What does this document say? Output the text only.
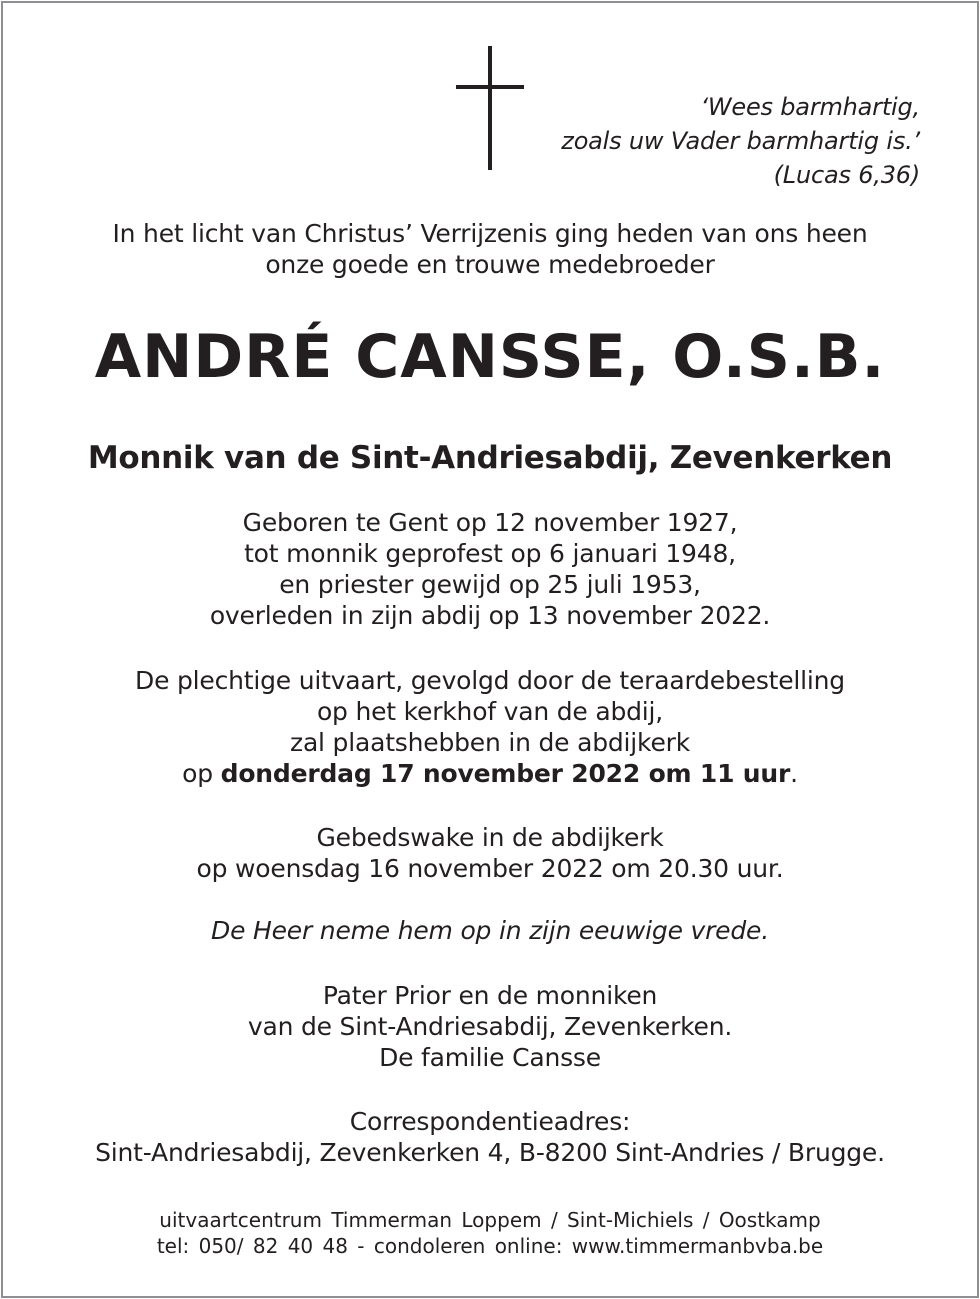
‘Wees barmhartig,
zoals uw Vader barmhartig is.’
(Lucas 6,36)
In het licht van Christus’ Verrijzenis ging heden van ons heen
onze goede en trouwe medebroeder
ANDRÉ CANSSE, O.S.B.
Monnik van de Sint-Andriesabdij, Zevenkerken
Geboren te Gent op 12 november 1927,
tot monnik geprofest op 6 januari 1948,
en priester gewijd op 25 juli 1953,
overleden in zijn abdij op 13 november 2022.
De plechtige uitvaart, gevolgd door de teraardebestelling
op het kerkhof van de abdij,
zal plaatshebben in de abdijkerk
op donderdag 17 november 2022 om 11 uur.
Gebedswake in de abdijkerk
op woensdag 16 november 2022 om 20.30 uur.
De Heer neme hem op in zijn eeuwige vrede.
Pater Prior en de monniken
van de Sint-Andriesabdij, Zevenkerken.
De familie Cansse
Correspondentieadres:
Sint-Andriesabdij, Zevenkerken 4, B-8200 Sint-Andries / Brugge.
uitvaartcentrum Timmerman Loppem / Sint-Michiels / Oostkamp
tel: 050/ 82 40 48 - condoleren online: www.timmermanbvba.be
